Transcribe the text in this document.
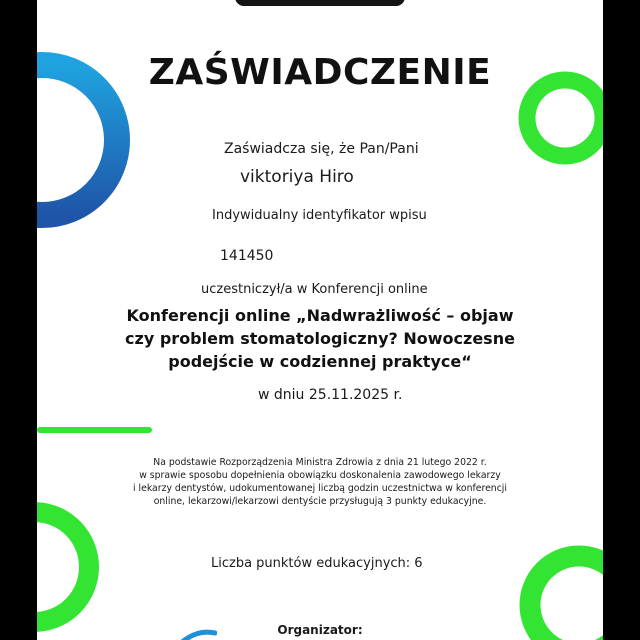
ZAŚWIADCZENIE
Zaświadcza się, że Pan/Pani
viktoriya Hiro
Indywidualny identyfikator wpisu
141450
uczestniczył/a w Konferencji online
Konferencji online „Nadwrażliwość – objaw
czy problem stomatologiczny? Nowoczesne
podejście w codziennej praktyce“
w dniu 25.11.2025 r.
Na podstawie Rozporządzenia Ministra Zdrowia z dnia 21 lutego 2022 r.
w sprawie sposobu dopełnienia obowiązku doskonalenia zawodowego lekarzy
i lekarzy dentystów, udokumentowanej liczbą godzin uczestnictwa w konferencji
online, lekarzowi/lekarzowi dentyście przysługują 3 punkty edukacyjne.
Liczba punktów edukacyjnych: 6
Organizator:
